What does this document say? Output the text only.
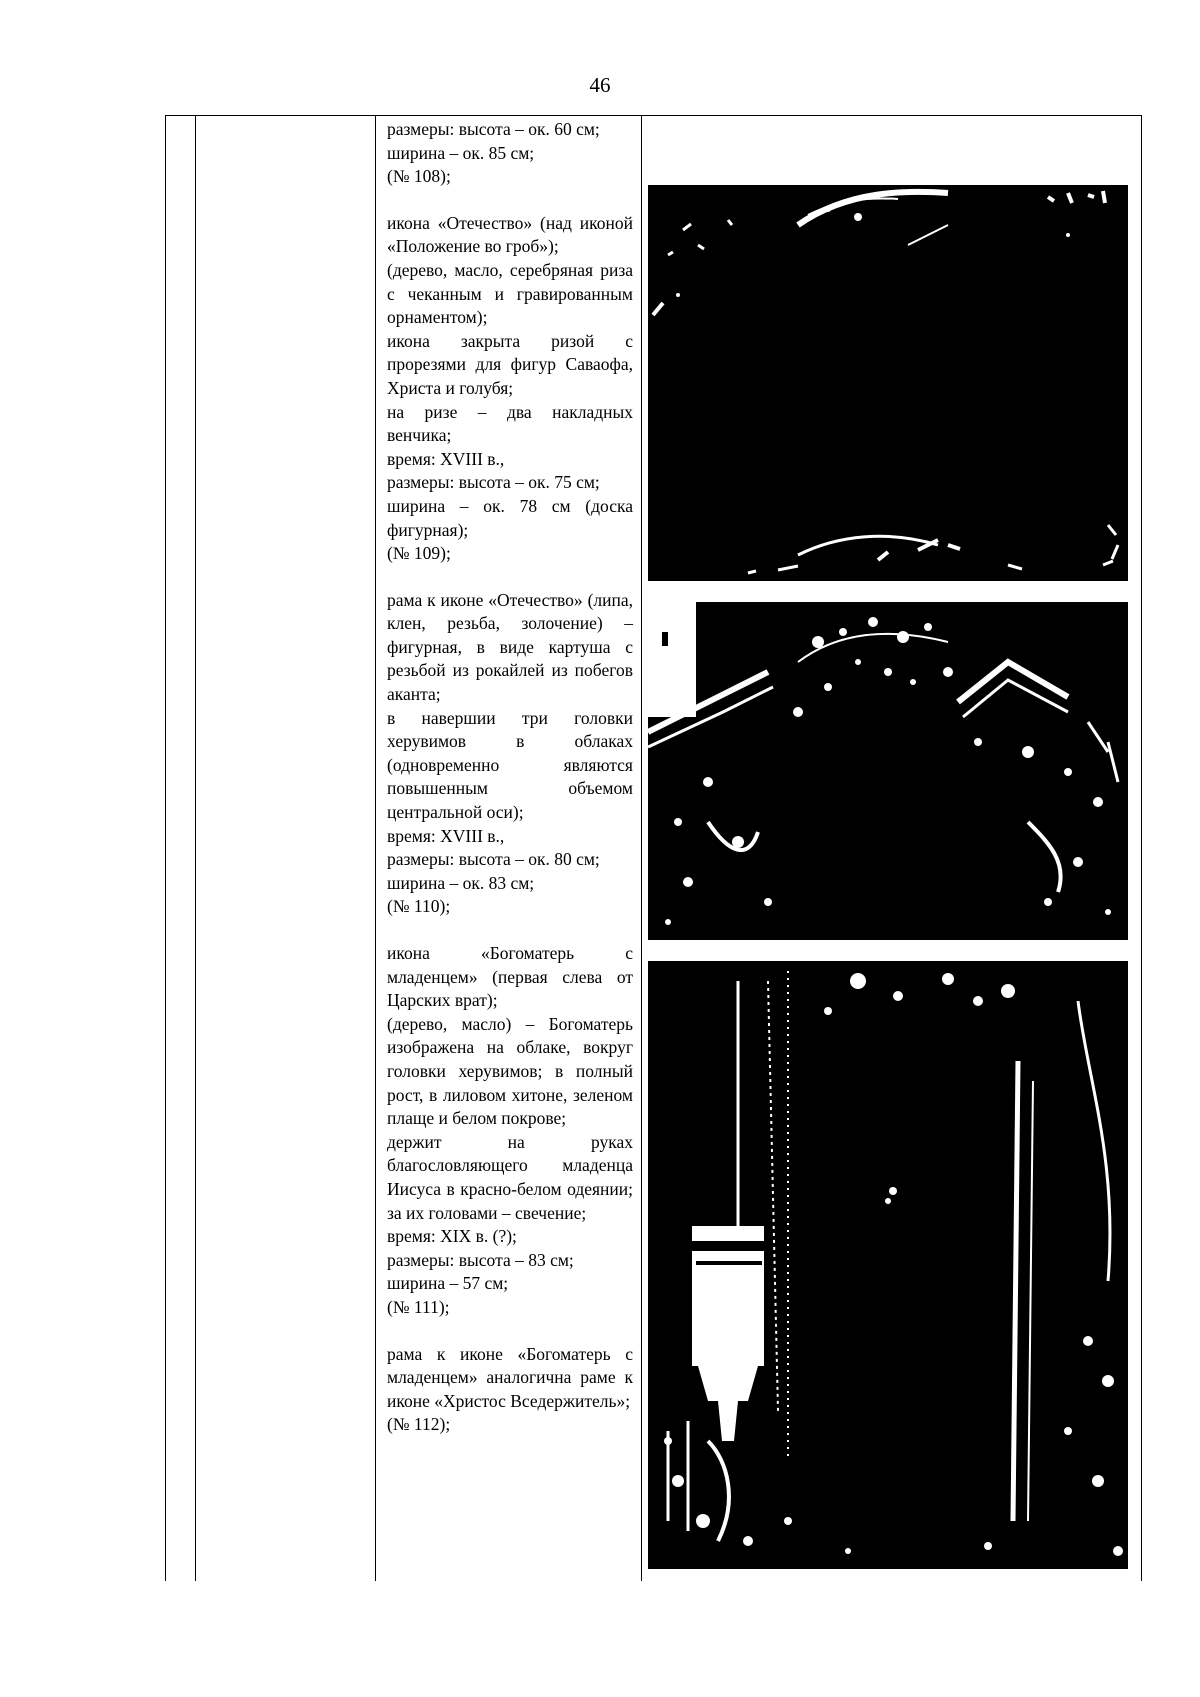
46

размеры: высота – ок. 60 см;
ширина – ок. 85 см;
(№ 108);

икона «Отечество» (над иконой «Положение во гроб»);
(дерево, масло, серебряная риза с чеканным и гравированным орнаментом);
икона закрыта ризой с прорезями для фигур Саваофа, Христа и голубя;
на ризе – два накладных венчика;
время: XVIII в.,
размеры: высота – ок. 75 см;
ширина – ок. 78 см (доска фигурная);
(№ 109);

рама к иконе «Отечество» (липа, клен, резьба, золочение) – фигурная, в виде картуша с резьбой из рокайлей из побегов аканта;
в навершии три головки херувимов в облаках (одновременно являются повышенным объемом центральной оси);
время: XVIII в.,
размеры: высота – ок. 80 см;
ширина – ок. 83 см;
(№ 110);

икона «Богоматерь с младенцем» (первая слева от Царских врат);
(дерево, масло) – Богоматерь изображена на облаке, вокруг головки херувимов; в полный рост, в лиловом хитоне, зеленом плаще и белом покрове;
держит на руках благословляющего младенца Иисуса в красно-белом одеянии; за их головами – свечение;
время: XIX в. (?);
размеры: высота – 83 см;
ширина – 57 см;
(№ 111);

рама к иконе «Богоматерь с младенцем» аналогична раме к иконе «Христос Вседержитель»;
(№ 112);
